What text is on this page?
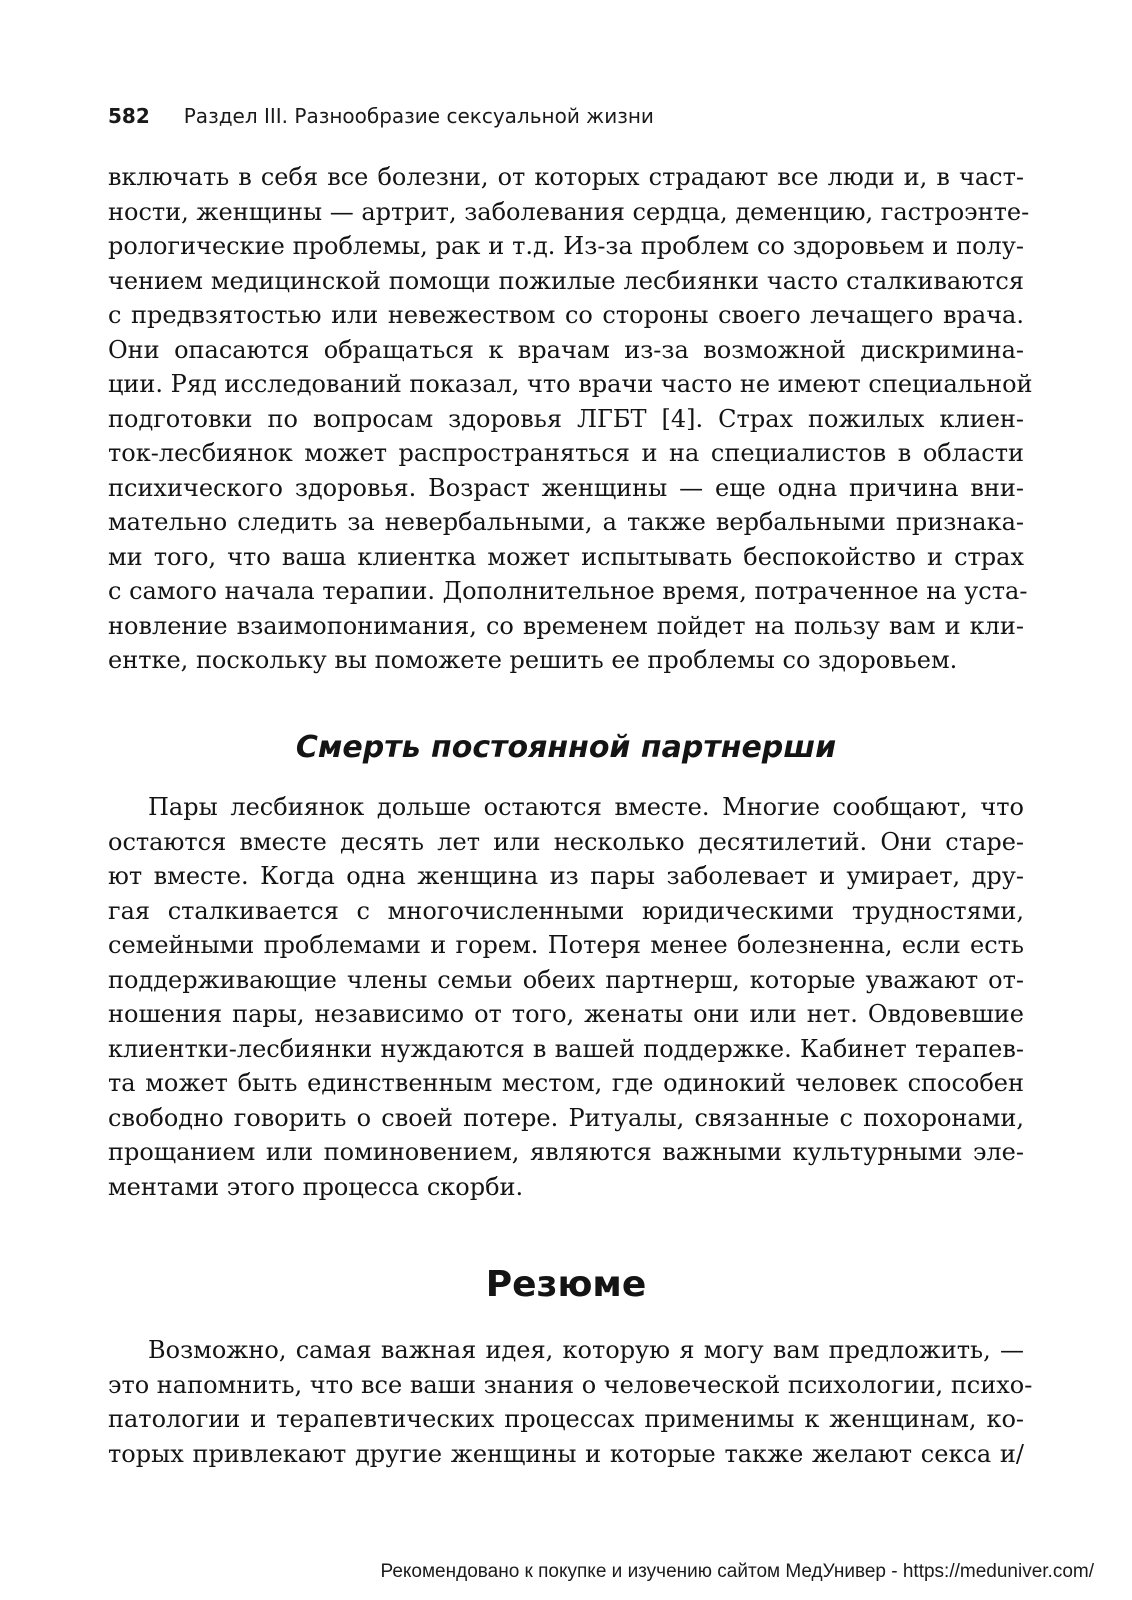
582 Раздел III. Разнообразие сексуальной жизни
включать в себя все болезни, от которых страдают все люди и, в част-
ности, женщины — артрит, заболевания сердца, деменцию, гастроэнте-
рологические проблемы, рак и т.д. Из-за проблем со здоровьем и полу-
чением медицинской помощи пожилые лесбиянки часто сталкиваются
с предвзятостью или невежеством со стороны своего лечащего врача.
Они опасаются обращаться к врачам из-за возможной дискримина-
ции. Ряд исследований показал, что врачи часто не имеют специальной
подготовки по вопросам здоровья ЛГБТ [4]. Страх пожилых клиен-
ток-лесбиянок может распространяться и на специалистов в области
психического здоровья. Возраст женщины — еще одна причина вни-
мательно следить за невербальными, а также вербальными признака-
ми того, что ваша клиентка может испытывать беспокойство и страх
с самого начала терапии. Дополнительное время, потраченное на уста-
новление взаимопонимания, со временем пойдет на пользу вам и кли-
ентке, поскольку вы поможете решить ее проблемы со здоровьем.
Смерть постоянной партнерши
Пары лесбиянок дольше остаются вместе. Многие сообщают, что
остаются вместе десять лет или несколько десятилетий. Они старе-
ют вместе. Когда одна женщина из пары заболевает и умирает, дру-
гая сталкивается с многочисленными юридическими трудностями,
семейными проблемами и горем. Потеря менее болезненна, если есть
поддерживающие члены семьи обеих партнерш, которые уважают от-
ношения пары, независимо от того, женаты они или нет. Овдовевшие
клиентки-лесбиянки нуждаются в вашей поддержке. Кабинет терапев-
та может быть единственным местом, где одинокий человек способен
свободно говорить о своей потере. Ритуалы, связанные с похоронами,
прощанием или поминовением, являются важными культурными эле-
ментами этого процесса скорби.
Резюме
Возможно, самая важная идея, которую я могу вам предложить, —
это напомнить, что все ваши знания о человеческой психологии, психо-
патологии и терапевтических процессах применимы к женщинам, ко-
торых привлекают другие женщины и которые также желают секса и/
Рекомендовано к покупке и изучению сайтом МедУнивер - https://meduniver.com/
